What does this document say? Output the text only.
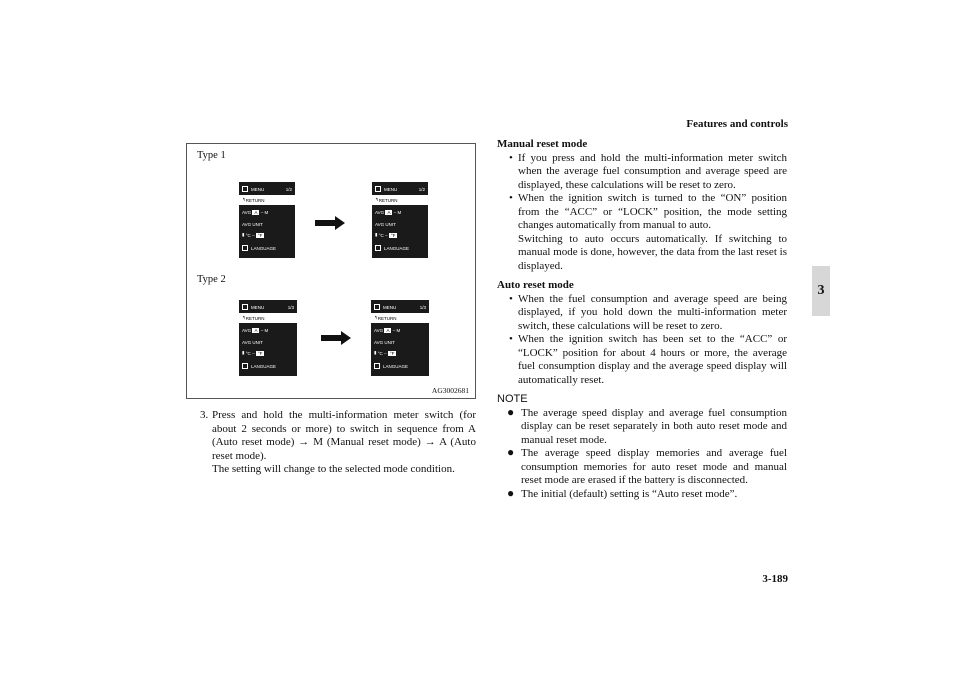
Features and controls
3
Type 1
MENU	1/2
↰ RETURN
AVG
A
–
M
AVG UNIT
▮ °C
–
°F
LANGUAGE
MENU	1/2
↰ RETURN
AVG
A
–
M
AVG UNIT
▮ °C
–
°F
LANGUAGE
Type 2
MENU	1/3
↰ RETURN
AVG
A
–
M
AVG UNIT
▮ °C
–
°F
LANGUAGE
MENU	1/3
↰ RETURN
AVG
A
–
M
AVG UNIT
▮ °C
–
°F
LANGUAGE
AG3002681
3. Press and hold the multi-information meter switch (for about 2 seconds or more) to switch in sequence from A (Auto reset mode) → M (Manual reset mode) → A (Auto reset mode).

The setting will change to the selected mode condition.

Manual reset mode
• If you press and hold the multi-information meter switch when the average fuel consumption and average speed are displayed, these calculations will be reset to zero.
• When the ignition switch is turned to the “ON” position from the “ACC” or “LOCK” position, the mode setting changes automatically from manual to auto.
Switching to auto occurs automatically. If switching to manual mode is done, however, the data from the last reset is displayed.
Auto reset mode
• When the fuel consumption and average speed are being displayed, if you hold down the multi-information meter switch, these calculations will be reset to zero.
• When the ignition switch has been set to the “ACC” or “LOCK” position for about 4 hours or more, the average fuel consumption display and the average speed display will automatically reset.
NOTE
● The average speed display and average fuel consumption display can be reset separately in both auto reset mode and manual reset mode.
● The average speed display memories and average fuel consumption memories for auto reset mode and manual reset mode are erased if the battery is disconnected.
● The initial (default) setting is “Auto reset mode”.
3-189
